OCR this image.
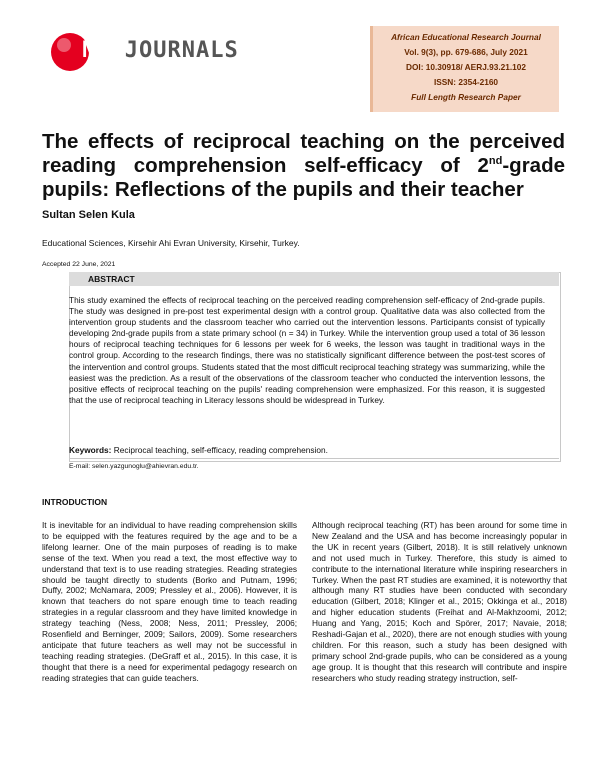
NETJOURNALS
African Educational Research Journal
Vol. 9(3), pp. 679-686, July 2021
DOI: 10.30918/ AERJ.93.21.102
ISSN: 2354-2160
Full Length Research Paper
The effects of reciprocal teaching on the perceived reading comprehension self-efficacy of 2nd-grade pupils: Reflections of the pupils and their teacher
Sultan Selen Kula
Educational Sciences, Kirsehir Ahi Evran University, Kirsehir, Turkey.
Accepted 22 June, 2021
ABSTRACT
This study examined the effects of reciprocal teaching on the perceived reading comprehension self-efficacy of 2nd-grade pupils. The study was designed in pre-post test experimental design with a control group. Qualitative data was also collected from the intervention group students and the classroom teacher who carried out the intervention lessons. Participants consist of typically developing 2nd-grade pupils from a state primary school (n = 34) in Turkey. While the intervention group used a total of 36 lesson hours of reciprocal teaching techniques for 6 lessons per week for 6 weeks, the lesson was taught in traditional ways in the control group. According to the research findings, there was no statistically significant difference between the post-test scores of the intervention and control groups. Students stated that the most difficult reciprocal teaching strategy was summarizing, while the easiest was the prediction. As a result of the observations of the classroom teacher who conducted the intervention lessons, the positive effects of reciprocal teaching on the pupils' reading comprehension were emphasized. For this reason, it is suggested that the use of reciprocal teaching in Literacy lessons should be widespread in Turkey.
Keywords: Reciprocal teaching, self-efficacy, reading comprehension.
E-mail: selen.yazgunoglu@ahievran.edu.tr.
INTRODUCTION
It is inevitable for an individual to have reading comprehension skills to be equipped with the features required by the age and to be a lifelong learner. One of the main purposes of reading is to make sense of the text. When you read a text, the most effective way to understand that text is to use reading strategies. Reading strategies should be taught directly to students (Borko and Putnam, 1996; Duffy, 2002; McNamara, 2009; Pressley et al., 2006). However, it is known that teachers do not spare enough time to teach reading strategies in a regular classroom and they have limited knowledge in strategy teaching (Ness, 2008; Ness, 2011; Pressley, 2006; Rosenfield and Berninger, 2009; Sailors, 2009). Some researchers anticipate that future teachers as well may not be successful in teaching reading strategies. (DeGraff et al., 2015). In this case, it is thought that there is a need for experimental pedagogy research on reading strategies that can guide teachers.
Although reciprocal teaching (RT) has been around for some time in New Zealand and the USA and has become increasingly popular in the UK in recent years (Gilbert, 2018). It is still relatively unknown and not used much in Turkey. Therefore, this study is aimed to contribute to the international literature while inspiring researchers in Turkey. When the past RT studies are examined, it is noteworthy that although many RT studies have been conducted with secondary education (Gilbert, 2018; Klinger et al., 2015; Okkinga et al., 2018) and higher education students (Freihat and Al-Makhzoomi, 2012; Huang and Yang, 2015; Koch and Spörer, 2017; Navaie, 2018; Reshadi-Gajan et al., 2020), there are not enough studies with young children. For this reason, such a study has been designed with primary school 2nd-grade pupils, who can be considered as a young age group. It is thought that this research will contribute and inspire researchers who study reading strategy instruction, self-
